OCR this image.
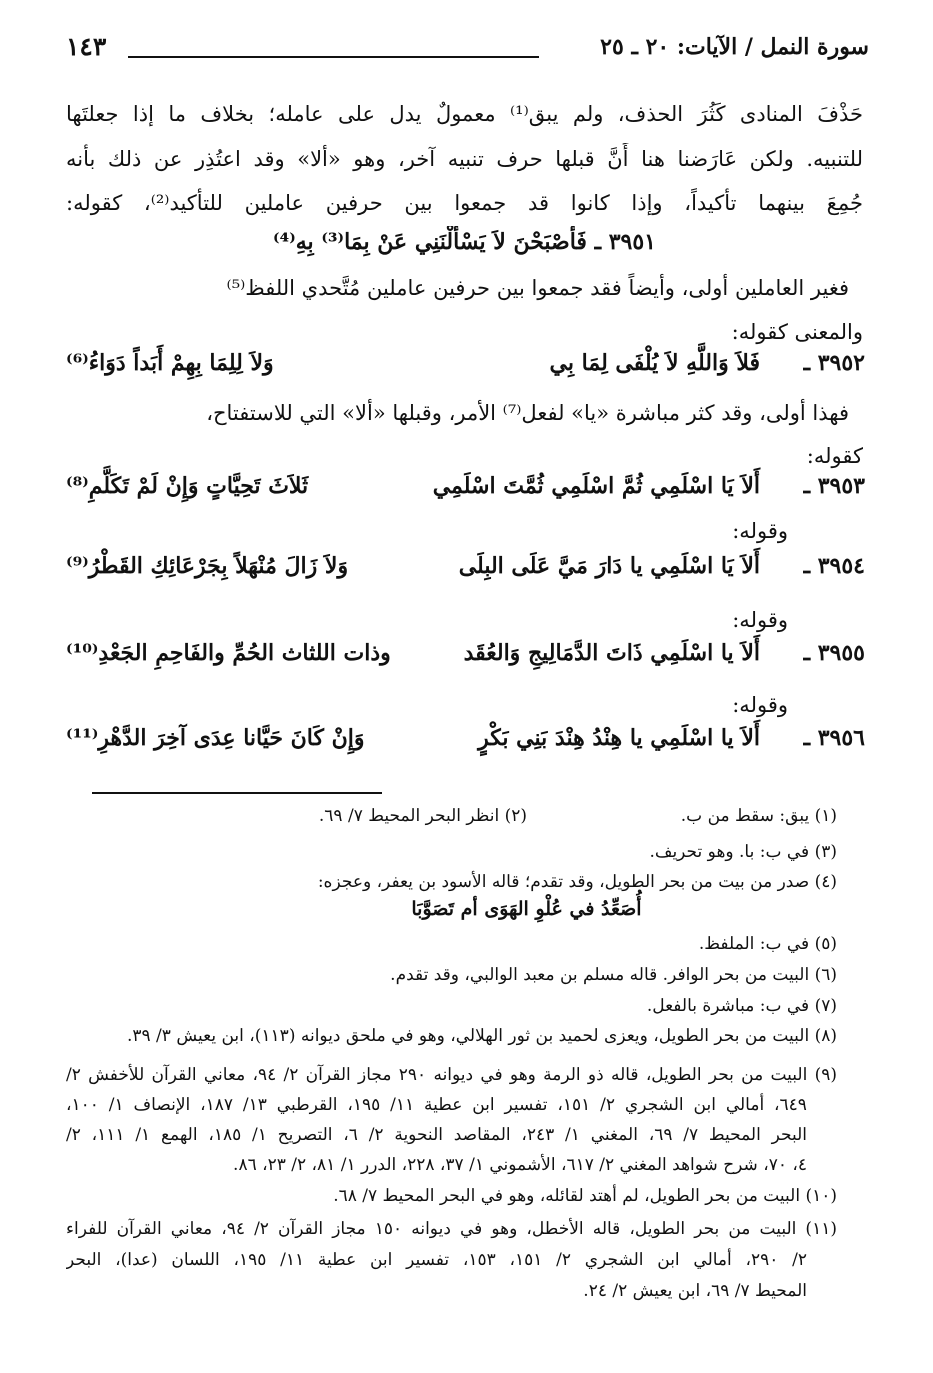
سورة النمل / الآيات: ٢٠ ـ ٢٥
١٤٣
حَذْفَ المنادى كَثُرَ الحذف، ولم يبق⁽¹⁾ معمولٌ يدل على عامله؛ بخلاف ما إذا جعلتَها
للتنبيه. ولكن عَارَضنا هنا أَنَّ قبلها حرف تنبيه آخر، وهو «ألا» وقد اعتُذِر عن ذلك بأنه
جُمِعَ بينهما تأكيداً، وإذا كانوا قد جمعوا بين حرفين عاملين للتأكيد⁽²⁾، كقوله:
٣٩٥١ ـ فَأَصْبَحْنَ لاَ يَسْأَلْنَنِي عَنْ بِمَا⁽³⁾ بِهِ⁽⁴⁾
فغير العاملين أولى، وأيضاً فقد جمعوا بين حرفين عاملين مُتَّحدي اللفظ⁽⁵⁾
والمعنى كقوله:
٣٩٥٢ ـ
فَلاَ وَاللَّهِ لاَ يُلْفَى لِمَا بِي
وَلاَ لِلِمَا بِهِمْ أَبَداً دَوَاءُ⁽⁶⁾
فهذا أولى، وقد كثر مباشرة «يا» لفعل⁽⁷⁾ الأمر، وقبلها «ألا» التي للاستفتاح،
كقوله:
٣٩٥٣ ـ
أَلاَ يَا اسْلَمِي ثُمَّ اسْلَمِي ثُمَّتَ اسْلَمِي
ثَلاَثَ تَحِيَّاتٍ وَإِنْ لَمْ تَكَلَّمِ⁽⁸⁾
وقوله:
٣٩٥٤ ـ
أَلاَ يَا اسْلَمِي يا دَارَ مَيَّ عَلَى البِلَى
وَلاَ زَالَ مُنْهَلاً بِجَرْعَائِكِ القَطْرُ⁽⁹⁾
وقوله:
٣٩٥٥ ـ
أَلاَ يا اسْلَمِي ذَاتَ الدَّمَالِيجِ وَالعُقَد
وذات اللثاث الحُمِّ والفَاحِمِ الجَعْدِ⁽¹⁰⁾
وقوله:
٣٩٥٦ ـ
أَلاَ يا اسْلَمِي يا هِنْدُ هِنْدَ بَنِي بَكْرٍ
وَإِنْ كَانَ حَيَّانا عِدَى آخِرَ الدَّهْرِ⁽¹¹⁾
(١) يبق: سقط من ب.
(٢) انظر البحر المحيط ٧/ ٦٩.
(٣) في ب: با. وهو تحريف.
(٤) صدر من بيت من بحر الطويل، وقد تقدم؛ قاله الأسود بن يعفر، وعجزه:
أُصَعِّدُ في عُلْوِ الهَوَى أم تَصَوَّبَا
(٥) في ب: الملفظ.
(٦) البيت من بحر الوافر. قاله مسلم بن معبد الوالبي، وقد تقدم.
(٧) في ب: مباشرة بالفعل.
(٨) البيت من بحر الطويل، ويعزى لحميد بن ثور الهلالي، وهو في ملحق ديوانه (١١٣)، ابن يعيش ٣/ ٣٩.
(٩) البيت من بحر الطويل، قاله ذو الرمة وهو في ديوانه ٢٩٠ مجاز القرآن ٢/ ٩٤، معاني القرآن للأخفش ٢/
٦٤٩، أمالي ابن الشجري ٢/ ١٥١، تفسير ابن عطية ١١/ ١٩٥، القرطبي ١٣/ ١٨٧، الإنصاف ١/ ١٠٠،
البحر المحيط ٧/ ٦٩، المغني ١/ ٢٤٣، المقاصد النحوية ٢/ ٦، التصريح ١/ ١٨٥، الهمع ١/ ١١١، ٢/
٤، ٧٠، شرح شواهد المغني ٢/ ٦١٧، الأشموني ١/ ٣٧، ٢٢٨، الدرر ١/ ٨١، ٢/ ٢٣، ٨٦.
(١٠) البيت من بحر الطويل، لم أهتد لقائله، وهو في البحر المحيط ٧/ ٦٨.
(١١) البيت من بحر الطويل، قاله الأخطل، وهو في ديوانه ١٥٠ مجاز القرآن ٢/ ٩٤، معاني القرآن للفراء
٢/ ٢٩٠، أمالي ابن الشجري ٢/ ١٥١، ١٥٣، تفسير ابن عطية ١١/ ١٩٥، اللسان (عدا)، البحر
المحيط ٧/ ٦٩، ابن يعيش ٢/ ٢٤.
